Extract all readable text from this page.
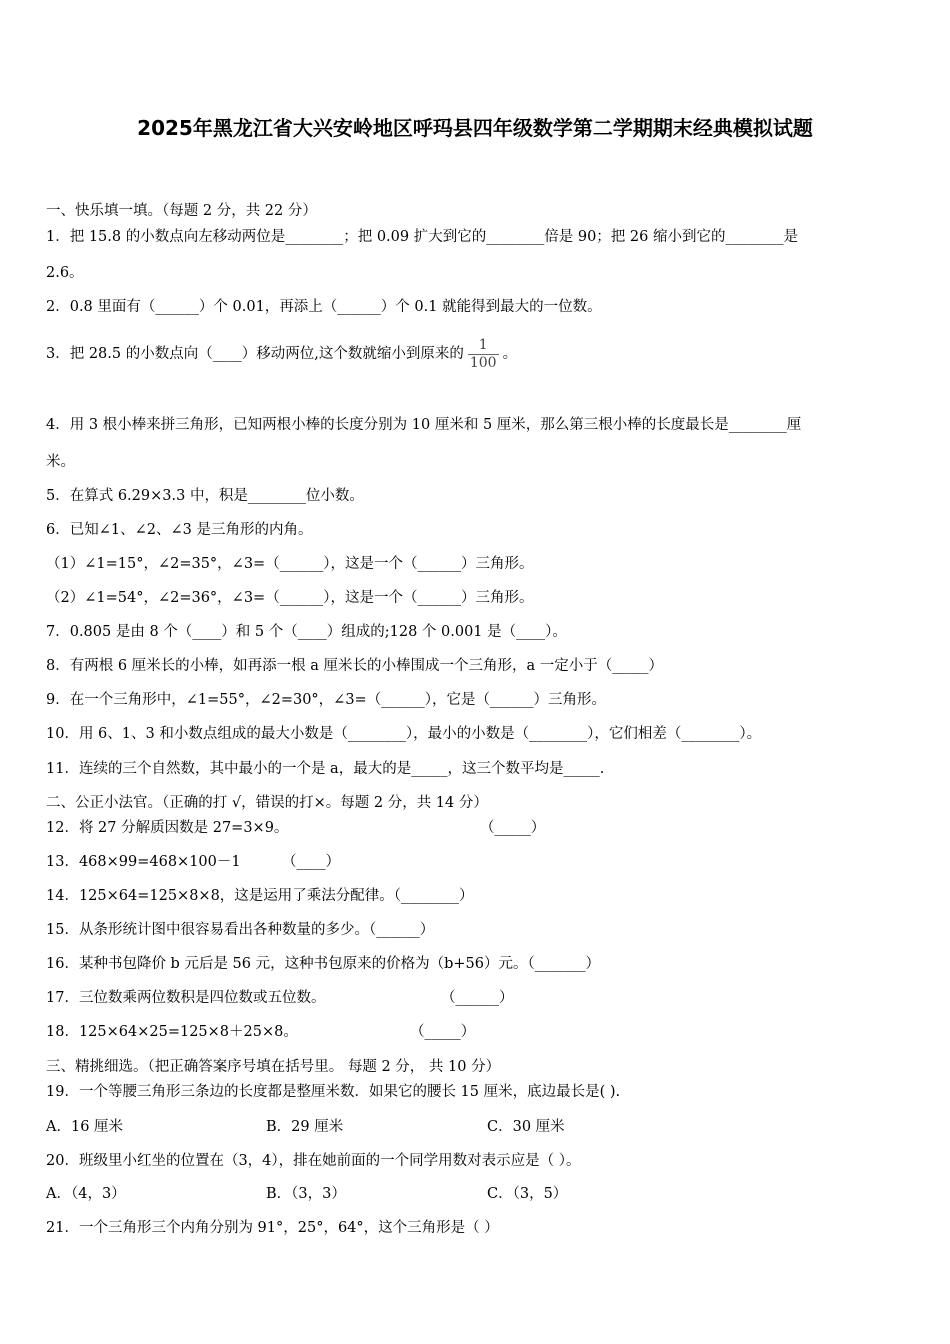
2025年黑龙江省大兴安岭地区呼玛县四年级数学第二学期期末经典模拟试题
一、快乐填一填。（每题 2 分，共 22 分）
1．把 15.8 的小数点向左移动两位是________；把 0.09 扩大到它的________倍是 90；把 26 缩小到它的________是
2.6。
2．0.8 里面有（______）个 0.01，再添上（______）个 0.1 就能得到最大的一位数。
3．把 28.5 的小数点向（____）移动两位,这个数就缩小到原来的 $\frac{1}{100}$ 。
4．用 3 根小棒来拼三角形，已知两根小棒的长度分别为 10 厘米和 5 厘米，那么第三根小棒的长度最长是________厘
米。
5．在算式 6.29×3.3 中，积是________位小数。
6．已知∠1、∠2、∠3 是三角形的内角。
（1）∠1=15°，∠2=35°，∠3=（______），这是一个（______）三角形。
（2）∠1=54°，∠2=36°，∠3=（______），这是一个（______）三角形。
7．0.805 是由 8 个（____）和 5 个（____）组成的;128 个 0.001 是（____）。
8．有两根 6 厘米长的小棒，如再添一根 a 厘米长的小棒围成一个三角形，a 一定小于（_____）
9．在一个三角形中，∠1=55°，∠2=30°，∠3=（______），它是（______）三角形。
10．用 6、1、3 和小数点组成的最大小数是（________），最小的小数是（________），它们相差（________）。
11．连续的三个自然数，其中最小的一个是 a，最大的是_____，这三个数平均是_____.
二、公正小法官。（正确的打 √，错误的打×。每题 2 分，共 14 分）
12．将 27 分解质因数是 27=3×9。	（_____）
13．468×99=468×100－1	（____）
14．125×64=125×8×8，这是运用了乘法分配律。（________）
15．从条形统计图中很容易看出各种数量的多少。（______）
16．某种书包降价 b 元后是 56 元，这种书包原来的价格为（b+56）元。（_______）
17．三位数乘两位数积是四位数或五位数。	（______）
18．125×64×25=125×8＋25×8。	（_____）
三、精挑细选。（把正确答案序号填在括号里。 每题 2 分， 共 10 分）
19．一个等腰三角形三条边的长度都是整厘米数．如果它的腰长 15 厘米，底边最长是( ).
A．16 厘米	B．29 厘米	C．30 厘米
20．班级里小红坐的位置在（3，4），排在她前面的一个同学用数对表示应是（ ）。
A．（4，3）	B．（3，3）	C．（3，5）
21．一个三角形三个内角分别为 91°，25°，64°，这个三角形是（ ）
